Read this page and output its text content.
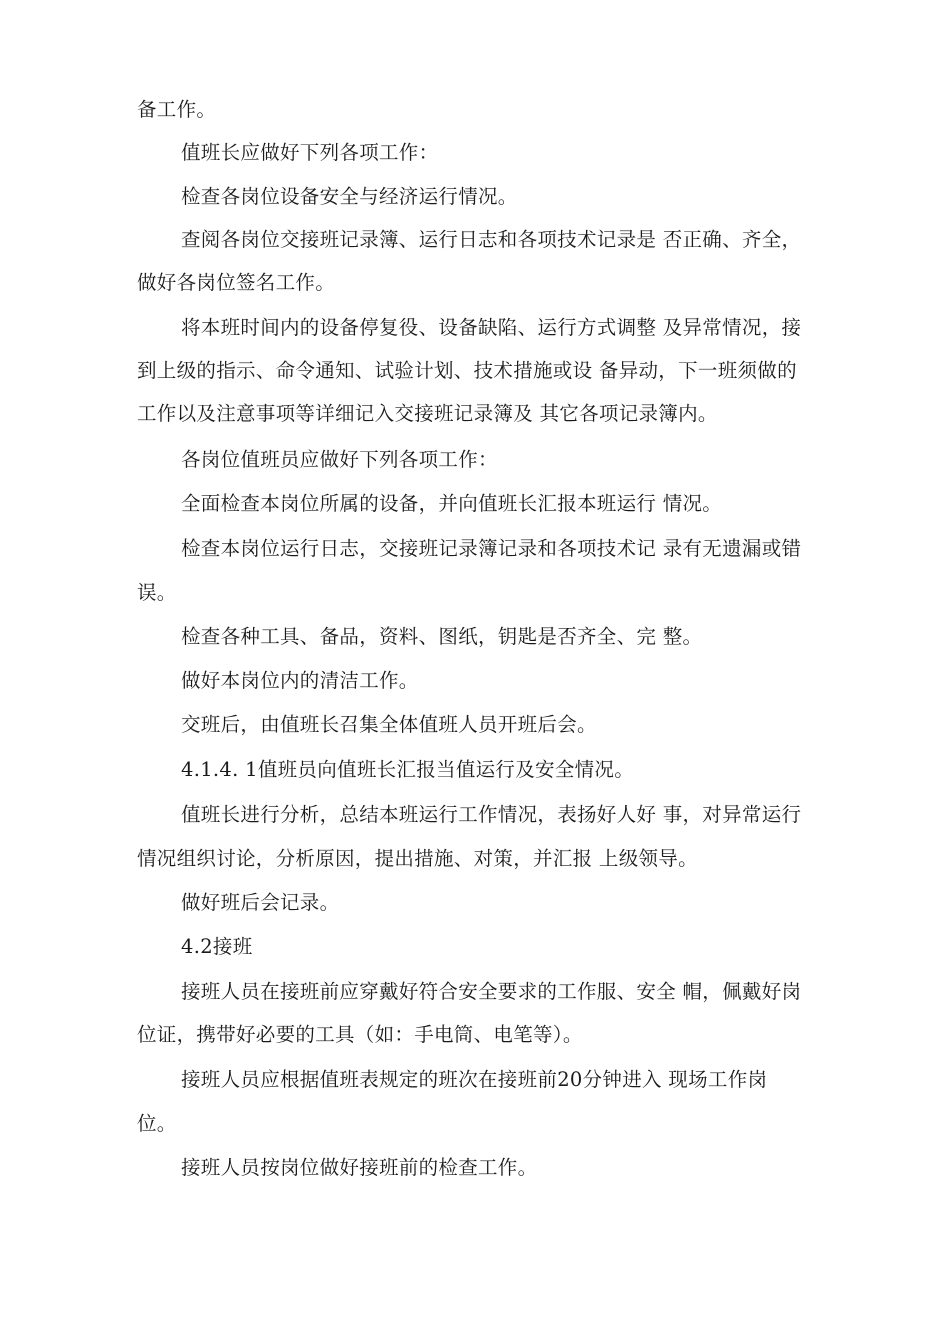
备工作。

值班长应做好下列各项工作：

检查各岗位设备安全与经济运行情况。

查阅各岗位交接班记录簿、运行日志和各项技术记录是 否正确、齐全，

做好各岗位签名工作。

将本班时间内的设备停复役、设备缺陷、运行方式调整 及异常情况，接

到上级的指示、命令通知、试验计划、技术措施或设 备异动，下一班须做的

工作以及注意事项等详细记入交接班记录簿及 其它各项记录簿内。

各岗位值班员应做好下列各项工作：

全面检查本岗位所属的设备，并向值班长汇报本班运行 情况。

检查本岗位运行日志，交接班记录簿记录和各项技术记 录有无遗漏或错

误。

检查各种工具、备品，资料、图纸，钥匙是否齐全、完 整。

做好本岗位内的清洁工作。

交班后，由值班长召集全体值班人员开班后会。

4.1.4. 1值班员向值班长汇报当值运行及安全情况。

值班长进行分析，总结本班运行工作情况，表扬好人好 事，对异常运行

情况组织讨论，分析原因，提出措施、对策，并汇报 上级领导。

做好班后会记录。

4.2接班

接班人员在接班前应穿戴好符合安全要求的工作服、安全 帽，佩戴好岗

位证，携带好必要的工具（如：手电筒、电笔等）。

接班人员应根据值班表规定的班次在接班前20分钟进入 现场工作岗

位。

接班人员按岗位做好接班前的检查工作。
